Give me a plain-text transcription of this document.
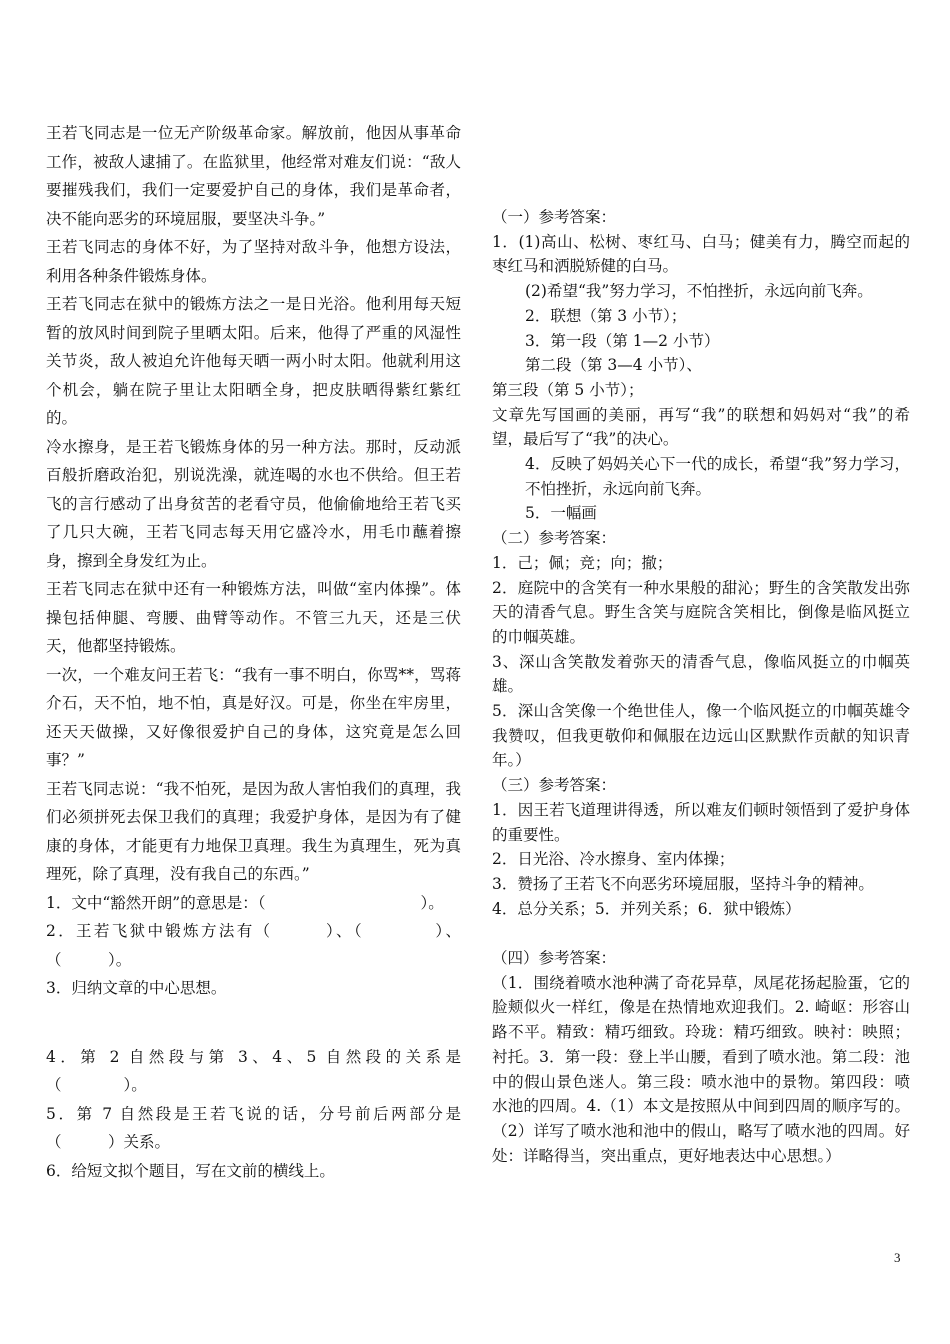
王若飞同志是一位无产阶级革命家。解放前，他因从事革命工作，被敌人逮捕了。在监狱里，他经常对难友们说：“敌人要摧残我们，我们一定要爱护自己的身体，我们是革命者，决不能向恶劣的环境屈服，要坚决斗争。”

王若飞同志的身体不好，为了坚持对敌斗争，他想方设法，利用各种条件锻炼身体。

王若飞同志在狱中的锻炼方法之一是日光浴。他利用每天短暂的放风时间到院子里晒太阳。后来，他得了严重的风湿性关节炎，敌人被迫允许他每天晒一两小时太阳。他就利用这个机会，躺在院子里让太阳晒全身，把皮肤晒得紫红紫红的。

冷水擦身，是王若飞锻炼身体的另一种方法。那时，反动派百般折磨政治犯，别说洗澡，就连喝的水也不供给。但王若飞的言行感动了出身贫苦的老看守员，他偷偷地给王若飞买了几只大碗，王若飞同志每天用它盛冷水，用毛巾蘸着擦身，擦到全身发红为止。

王若飞同志在狱中还有一种锻炼方法，叫做“室内体操”。体操包括伸腿、弯腰、曲臂等动作。不管三九天，还是三伏天，他都坚持锻炼。

一次，一个难友问王若飞：“我有一事不明白，你骂**，骂蒋介石，天不怕，地不怕，真是好汉。可是，你坐在牢房里，还天天做操，又好像很爱护自己的身体，这究竟是怎么回事？”

王若飞同志说：“我不怕死，是因为敌人害怕我们的真理，我们必须拼死去保卫我们的真理；我爱护身体，是因为有了健康的身体，才能更有力地保卫真理。我生为真理生，死为真理死，除了真理，没有我自己的东西。”

1．文中“豁然开朗”的意思是：（　　　　　　　　　　）。

2．王若飞狱中锻炼方法有（　　　）、（　　　　）、（　　　）。

3．归纳文章的中心思想。

4．第 2 自然段与第 3、4、5 自然段的关系是（　　　　）。

5．第 7 自然段是王若飞说的话，分号前后两部分是（　　　）关系。

6．给短文拟个题目，写在文前的横线上。

（一）参考答案：

1．(1)高山、松树、枣红马、白马；健美有力，腾空而起的枣红马和洒脱矫健的白马。

(2)希望“我”努力学习，不怕挫折，永远向前飞奔。

2．联想（第 3 小节）；

3．第一段（第 1—2 小节）

第二段（第 3—4 小节）、

第三段（第 5 小节）；

文章先写国画的美丽，再写“我”的联想和妈妈对“我”的希望，最后写了“我”的决心。

4．反映了妈妈关心下一代的成长，希望“我”努力学习，不怕挫折，永远向前飞奔。

5．一幅画

（二）参考答案：

1．己；佩；竞；向；撤；

2．庭院中的含笑有一种水果般的甜沁；野生的含笑散发出弥天的清香气息。野生含笑与庭院含笑相比，倒像是临风挺立的巾帼英雄。

3、深山含笑散发着弥天的清香气息，像临风挺立的巾帼英雄。

5．深山含笑像一个绝世佳人，像一个临风挺立的巾帼英雄令我赞叹，但我更敬仰和佩服在边远山区默默作贡献的知识青年。）

（三）参考答案：

1．因王若飞道理讲得透，所以难友们顿时领悟到了爱护身体的重要性。

2．日光浴、冷水擦身、室内体操；

3．赞扬了王若飞不向恶劣环境屈服，坚持斗争的精神。

4．总分关系；5．并列关系；6．狱中锻炼）

（四）参考答案：

（1．围绕着喷水池种满了奇花异草，凤尾花扬起脸蛋，它的脸颊似火一样红，像是在热情地欢迎我们。2. 崎岖：形容山路不平。精致：精巧细致。玲珑：精巧细致。映衬：映照；衬托。3．第一段：登上半山腰，看到了喷水池。第二段：池中的假山景色迷人。第三段：喷水池中的景物。第四段：喷水池的四周。4.（1）本文是按照从中间到四周的顺序写的。（2）详写了喷水池和池中的假山，略写了喷水池的四周。好处：详略得当，突出重点，更好地表达中心思想。）

3
